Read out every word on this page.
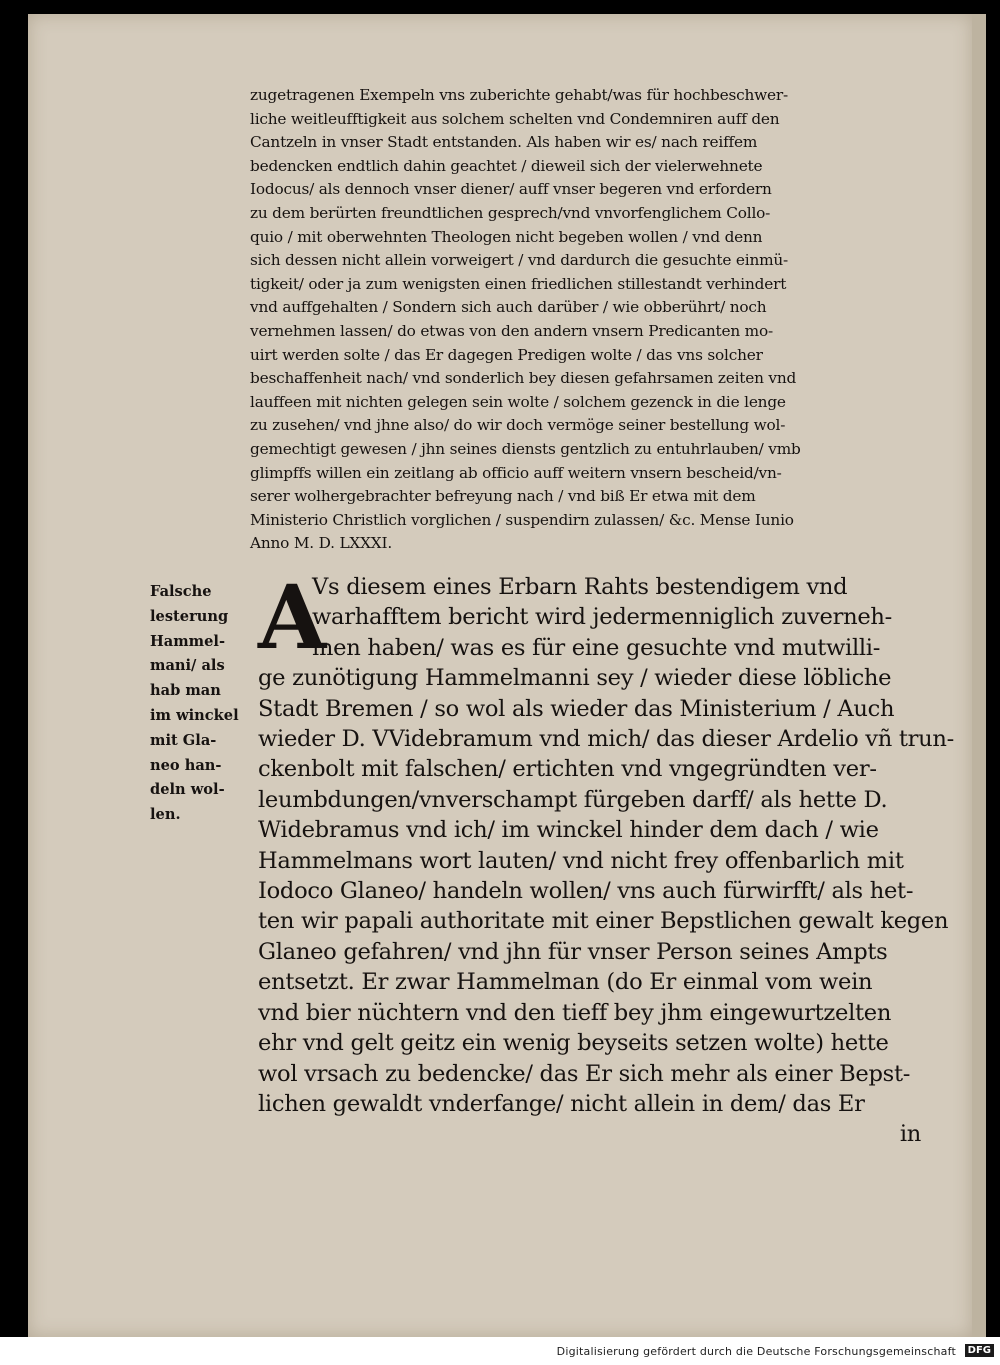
zugetragenen Exempeln vns zuberichte gehabt/was für hochbeschwer-
liche weitleufftigkeit aus solchem schelten vnd Condemniren auff den
Cantzeln in vnser Stadt entstanden. Als haben wir es/ nach reiffem
bedencken endtlich dahin geachtet / dieweil sich der vielerwehnete
Iodocus/ als dennoch vnser diener/ auff vnser begeren vnd erfordern
zu dem berürten freundtlichen gesprech/vnd vnvorfenglichem Collo-
quio / mit oberwehnten Theologen nicht begeben wollen / vnd denn
sich dessen nicht allein vorweigert / vnd dardurch die gesuchte einmü-
tigkeit/ oder ja zum wenigsten einen friedlichen stillestandt verhindert
vnd auffgehalten / Sondern sich auch darüber / wie obberührt/ noch
vernehmen lassen/ do etwas von den andern vnsern Predicanten mo-
uirt werden solte / das Er dagegen Predigen wolte / das vns solcher
beschaffenheit nach/ vnd sonderlich bey diesen gefahrsamen zeiten vnd
lauffeen mit nichten gelegen sein wolte / solchem gezenck in die lenge
zu zusehen/ vnd jhne also/ do wir doch vermöge seiner bestellung wol-
gemechtigt gewesen / jhn seines diensts gentzlich zu entuhrlauben/ vmb
glimpffs willen ein zeitlang ab officio auff weitern vnsern bescheid/vn-
serer wolhergebrachter befreyung nach / vnd biß Er etwa mit dem
Ministerio Christlich vorglichen / suspendirn zulassen/ &c. Mense Iunio
Anno M. D. LXXXI.
Falsche
lesterung
Hammel-
mani/ als
hab man
im winckel
mit Gla-
neo han-
deln wol-
len.
A
Vs diesem eines Erbarn Rahts bestendigem vnd
warhafftem bericht wird jedermenniglich zuverneh-
men haben/ was es für eine gesuchte vnd mutwilli-
ge zunötigung Hammelmanni sey / wieder diese löbliche
Stadt Bremen / so wol als wieder das Ministerium / Auch
wieder D. VVidebramum vnd mich/ das dieser Ardelio vñ trun-
ckenbolt mit falschen/ ertichten vnd vngegründten ver-
leumbdungen/vnverschampt fürgeben darff/ als hette D.
Widebramus vnd ich/ im winckel hinder dem dach / wie
Hammelmans wort lauten/ vnd nicht frey offenbarlich mit
Iodoco Glaneo/ handeln wollen/ vns auch fürwirfft/ als het-
ten wir papali authoritate mit einer Bepstlichen gewalt kegen
Glaneo gefahren/ vnd jhn für vnser Person seines Ampts
entsetzt. Er zwar Hammelman (do Er einmal vom wein
vnd bier nüchtern vnd den tieff bey jhm eingewurtzelten
ehr vnd gelt geitz ein wenig beyseits setzen wolte) hette
wol vrsach zu bedencke/ das Er sich mehr als einer Bepst-
lichen gewaldt vnderfange/ nicht allein in dem/ das Er
in
Digitalisierung gefördert durch die Deutsche Forschungsgemeinschaft	DFG
